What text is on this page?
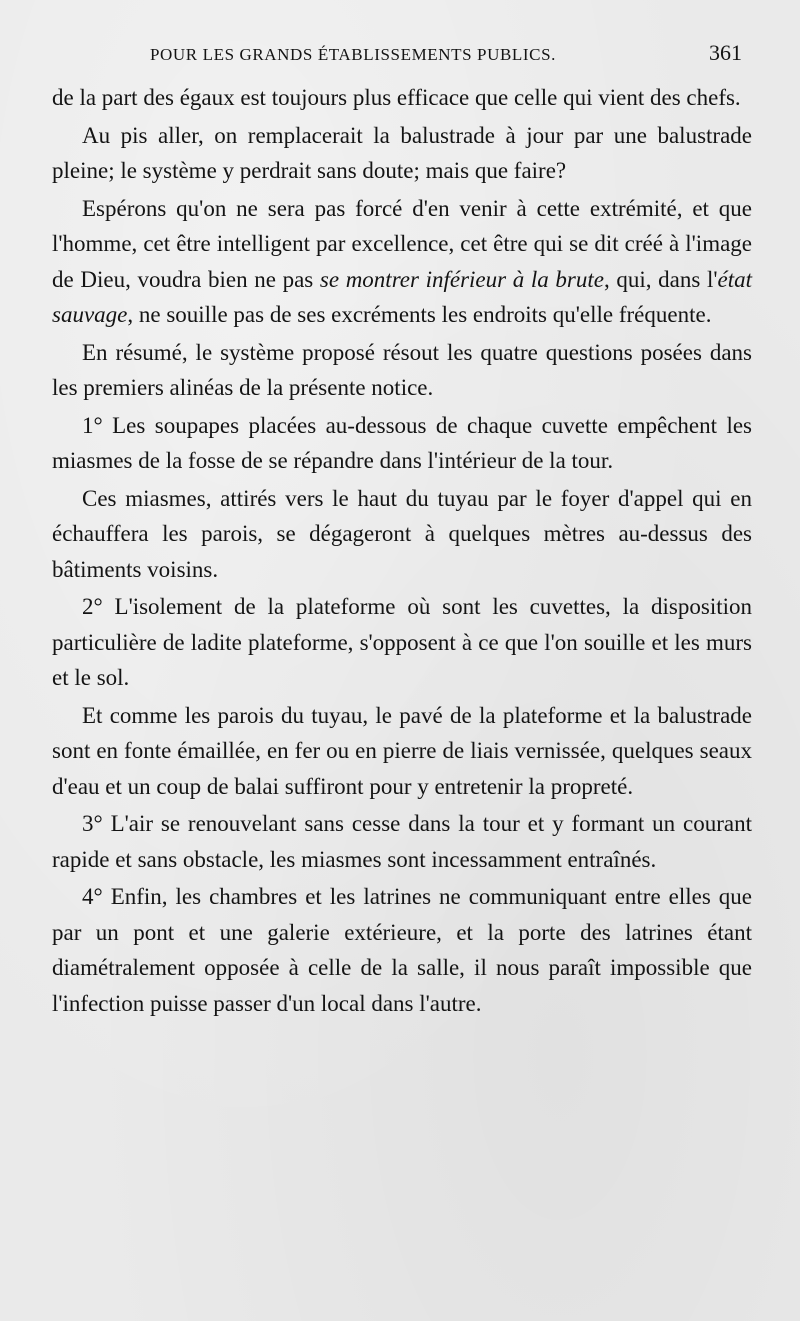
POUR LES GRANDS ÉTABLISSEMENTS PUBLICS.	361

de la part des égaux est toujours plus efficace que celle qui vient des chefs.

Au pis aller, on remplacerait la balustrade à jour par une balustrade pleine; le système y perdrait sans doute; mais que faire?

Espérons qu'on ne sera pas forcé d'en venir à cette extrémité, et que l'homme, cet être intelligent par excellence, cet être qui se dit créé à l'image de Dieu, voudra bien ne pas se montrer inférieur à la brute, qui, dans l'état sauvage, ne souille pas de ses excréments les endroits qu'elle fréquente.

En résumé, le système proposé résout les quatre questions posées dans les premiers alinéas de la présente notice.

1° Les soupapes placées au-dessous de chaque cuvette empêchent les miasmes de la fosse de se répandre dans l'intérieur de la tour.

Ces miasmes, attirés vers le haut du tuyau par le foyer d'appel qui en échauffera les parois, se dégageront à quelques mètres au-dessus des bâtiments voisins.

2° L'isolement de la plateforme où sont les cuvettes, la disposition particulière de ladite plateforme, s'opposent à ce que l'on souille et les murs et le sol.

Et comme les parois du tuyau, le pavé de la plateforme et la balustrade sont en fonte émaillée, en fer ou en pierre de liais vernissée, quelques seaux d'eau et un coup de balai suffiront pour y entretenir la propreté.

3° L'air se renouvelant sans cesse dans la tour et y formant un courant rapide et sans obstacle, les miasmes sont incessamment entraînés.

4° Enfin, les chambres et les latrines ne communiquant entre elles que par un pont et une galerie extérieure, et la porte des latrines étant diamétralement opposée à celle de la salle, il nous paraît impossible que l'infection puisse passer d'un local dans l'autre.
